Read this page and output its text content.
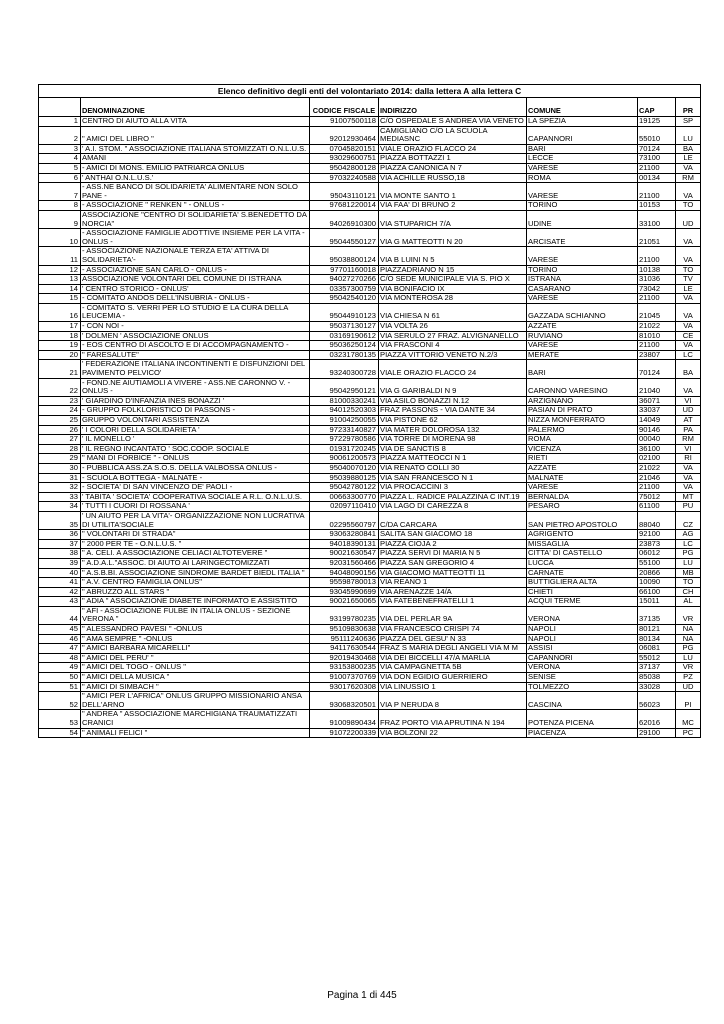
Elenco definitivo degli enti del volontariato 2014: dalla lettera A alla lettera C						
	DENOMINAZIONE	CODICE FISCALE	INDIRIZZO	COMUNE	CAP	PR
1	CENTRO DI AIUTO ALLA VITA	91007500118	C/O OSPEDALE S ANDREA VIA VENETO	LA SPEZIA	19125	SP
2	" AMICI DEL LIBRO "	92012930464	CAMIGLIANO C/O LA SCUOLA MEDIASNC	CAPANNORI	55010	LU
3	' A.I. STOM. " ASSOCIAZIONE ITALIANA STOMIZZATI O.N.L.U.S.	07045820151	VIALE ORAZIO FLACCO 24	BARI	70124	BA
4	AMANI	93029600751	PIAZZA BOTTAZZI 1	LECCE	73100	LE
5	- AMICI DI MONS. EMILIO PATRIARCA ONLUS	95042800128	PIAZZA CANONICA N 7	VARESE	21100	VA
6	' ANTHAI O.N.L.U.S.'	97032240588	VIA ACHILLE RUSSO,18	ROMA	00134	RM
7	- ASS.NE BANCO DI SOLIDARIETA' ALIMENTARE NON SOLO PANE -	95043110121	VIA MONTE SANTO 1	VARESE	21100	VA
8	- ASSOCIAZIONE " RENKEN " - ONLUS -	97681220014	VIA FAA' DI BRUNO 2	TORINO	10153	TO
9	ASSOCIAZIONE "CENTRO DI SOLIDARIETA' S.BENEDETTO DA NORCIA"	94026910300	VIA STUPARICH 7/A	UDINE	33100	UD
10	- ASSOCIAZIONE FAMIGLIE ADOTTIVE INSIEME PER LA VITA -ONLUS -	95044550127	VIA G MATTEOTTI N 20	ARCISATE	21051	VA
11	- ASSOCIAZIONE NAZIONALE TERZA ETA' ATTIVA DI SOLIDARIETA'-	95038800124	VIA B LUINI N 5	VARESE	21100	VA
12	- ASSOCIAZIONE SAN CARLO - ONLUS -	97701160018	PIAZZADRIANO N 15	TORINO	10138	TO
13	ASSOCIAZIONE VOLONTARI DEL COMUNE DI ISTRANA	94027270266	C/O SEDE MUNICIPALE VIA S. PIO X	ISTRANA	31036	TV
14	' CENTRO STORICO - ONLUS'	03357300759	VIA BONIFACIO IX	CASARANO	73042	LE
15	- COMITATO ANDOS DELL'INSUBRIA - ONLUS -	95042540120	VIA MONTEROSA 28	VARESE	21100	VA
16	- COMITATO S. VERRI PER LO STUDIO E LA CURA DELLA LEUCEMIA -	95044910123	VIA CHIESA N 61	GAZZADA SCHIANNO	21045	VA
17	- CON NOI -	95037130127	VIA VOLTA 26	AZZATE	21022	VA
18	' DOLMEN ' ASSOCIAZIONE ONLUS	03169190612	VIA SERULO 27 FRAZ. ALVIGNANELLO	RUVIANO	81010	CE
19	- EOS CENTRO DI ASCOLTO E DI ACCOMPAGNAMENTO -	95036250124	VIA FRASCONI 4	VARESE	21100	VA
20	" FARESALUTE"	03231780135	PIAZZA VITTORIO VENETO N.2/3	MERATE	23807	LC
21	' FEDERAZIONE ITALIANA INCONTINENTI E DISFUNZIONI DEL PAVIMENTO PELVICO'	93240300728	VIALE ORAZIO FLACCO 24	BARI	70124	BA
22	- FOND.NE AIUTIAMOLI A VIVERE - ASS.NE CARONNO V. - ONLUS -	95042950121	VIA G GARIBALDI N 9	CARONNO VARESINO	21040	VA
23	' GIARDINO D'INFANZIA INES BONAZZI '	81000330241	VIA ASILO BONAZZI N.12	ARZIGNANO	36071	VI
24	- GRUPPO FOLKLORISTICO DI PASSONS -	94012520303	FRAZ PASSONS - VIA DANTE 34	PASIAN DI PRATO	33037	UD
25	GRUPPO VOLONTARI ASSISTENZA	91004250055	VIA PISTONE 62	NIZZA MONFERRATO	14049	AT
26	' I COLORI DELLA SOLIDARIETA '	97233140827	VIA MATER DOLOROSA 132	PALERMO	90146	PA
27	' IL MONELLO '	97229780586	VIA TORRE DI MORENA 98	ROMA	00040	RM
28	' IL REGNO INCANTATO ' SOC.COOP. SOCIALE	01931720245	VIA DE SANCTIS 8	VICENZA	36100	VI
29	" MANI DI FORBICE " - ONLUS	90061200573	PIAZZA MATTEOCCI N 1	RIETI	02100	RI
30	- PUBBLICA ASS.ZA S.O.S. DELLA VALBOSSA ONLUS -	95040070120	VIA RENATO COLLI 30	AZZATE	21022	VA
31	- SCUOLA BOTTEGA - MALNATE -	95039880125	VIA SAN FRANCESCO N 1	MALNATE	21046	VA
32	- SOCIETA' DI SAN VINCENZO DE' PAOLI -	95042780122	VIA PROCACCINI 3	VARESE	21100	VA
33	' TABITA ' SOCIETA' COOPERATIVA SOCIALE A R.L. O.N.L.U.S.	00663300770	PIAZZA L. RADICE PALAZZINA C INT.19	BERNALDA	75012	MT
34	' TUTTI I CUORI DI ROSSANA '	02097110410	VIA LAGO DI CAREZZA 8	PESARO	61100	PU
35	' UN AIUTO PER LA VITA'- ORGANIZZAZIONE NON LUCRATIVA DI UTILITA'SOCIALE	02295560797	C/DA CARCARA	SAN PIETRO APOSTOLO	88040	CZ
36	" VOLONTARI DI STRADA"	93063280841	SALITA SAN GIACOMO 18	AGRIGENTO	92100	AG
37	" 2000 PER TE - O.N.L.U.S. "	94018390131	PIAZZA CIOJA 2	MISSAGLIA	23873	LC
38	" A. CELI. A ASSOCIAZIONE CELIACI ALTOTEVERE "	90021630547	PIAZZA SERVI DI MARIA N 5	CITTA' DI CASTELLO	06012	PG
39	" A.D.A.L."ASSOC. DI AIUTO AI LARINGECTOMIZZATI	92031560466	PIAZZA SAN GREGORIO 4	LUCCA	55100	LU
40	" A.S.B.BI. ASSOCIAZIONE SINDROME BARDET BIEDL ITALIA "	94048090156	VIA GIACOMO MATTEOTTI 11	CARNATE	20866	MB
41	" A.V. CENTRO FAMIGLIA ONLUS"	95598780013	VIA REANO 1	BUTTIGLIERA ALTA	10090	TO
42	" ABRUZZO ALL STARS "	93045990699	VIA ARENAZZE 14/A	CHIETI	66100	CH
43	" ADIA " ASSOCIAZIONE DIABETE INFORMATO E ASSISTITO	90021650065	VIA FATEBENEFRATELLI 1	ACQUI TERME	15011	AL
44	" AFI - ASSOCIAZIONE FULBE IN ITALIA ONLUS - SEZIONE VERONA "	93199780235	VIA DEL PERLAR 9A	VERONA	37135	VR
45	" ALESSANDRO PAVESI " -ONLUS	95109830638	VIA FRANCESCO CRISPI 74	NAPOLI	80121	NA
46	" AMA SEMPRE " -ONLUS	95111240636	PIAZZA DEL GESU' N 33	NAPOLI	80134	NA
47	" AMICI BARBARA MICARELLI"	94117630544	FRAZ S MARIA DEGLI ANGELI VIA M M	ASSISI	06081	PG
48	" AMICI DEL PERU' "	92019430468	VIA DEI BICCELLI 47/A MARLIA	CAPANNORI	55012	LU
49	" AMICI DEL TOGO - ONLUS "	93153800235	VIA CAMPAGNETTA 5B	VERONA	37137	VR
50	" AMICI DELLA MUSICA "	91007370769	VIA DON EGIDIO GUERRIERO	SENISE	85038	PZ
51	" AMICI DI SIMBACH "	93017620308	VIA LINUSSIO 1	TOLMEZZO	33028	UD
52	" AMICI PER L'AFRICA" ONLUS GRUPPO MISSIONARIO ANSA DELL'ARNO	93068320501	VIA P NERUDA 8	CASCINA	56023	PI
53	" ANDREA " ASSOCIAZIONE MARCHIGIANA TRAUMATIZZATI CRANICI	91009890434	FRAZ PORTO VIA APRUTINA N 194	POTENZA PICENA	62016	MC
54	" ANIMALI FELICI "	91072200339	VIA BOLZONI 22	PIACENZA	29100	PC
Pagina 1 di 445
